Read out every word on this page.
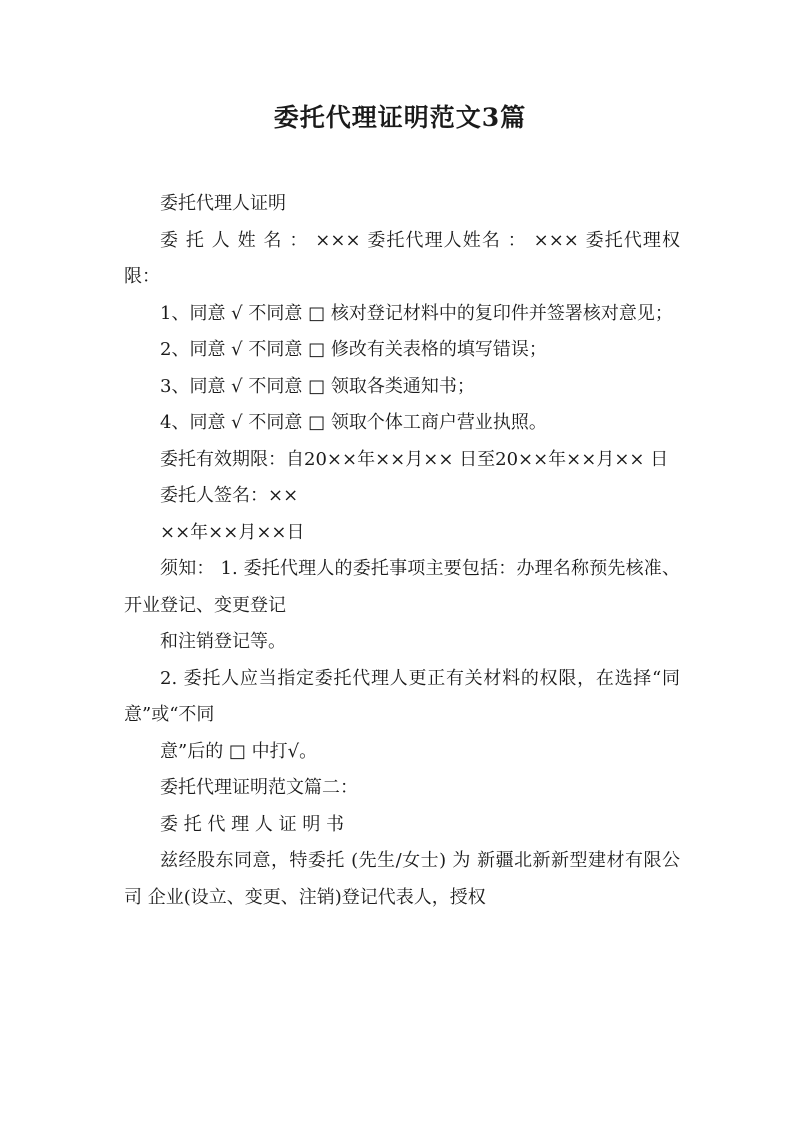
委托代理证明范文3篇

委托代理人证明

委 托 人 姓 名 ： ××× 委托代理人姓名 ： ××× 委托代理权限：

1、同意 √ 不同意 □ 核对登记材料中的复印件并签署核对意见；

2、同意 √ 不同意 □ 修改有关表格的填写错误；

3、同意 √ 不同意 □ 领取各类通知书；

4、同意 √ 不同意 □ 领取个体工商户营业执照。

委托有效期限：自20××年××月×× 日至20××年××月×× 日

委托人签名：××

××年××月××日

须知： 1. 委托代理人的委托事项主要包括：办理名称预先核准、开业登记、变更登记

和注销登记等。

2. 委托人应当指定委托代理人更正有关材料的权限，在选择“同意”或“不同

意”后的 □ 中打√。

委托代理证明范文篇二：

委 托 代 理 人 证 明 书

兹经股东同意，特委托 (先生/女士) 为 新疆北新新型建材有限公司 企业(设立、变更、注销)登记代表人，授权
